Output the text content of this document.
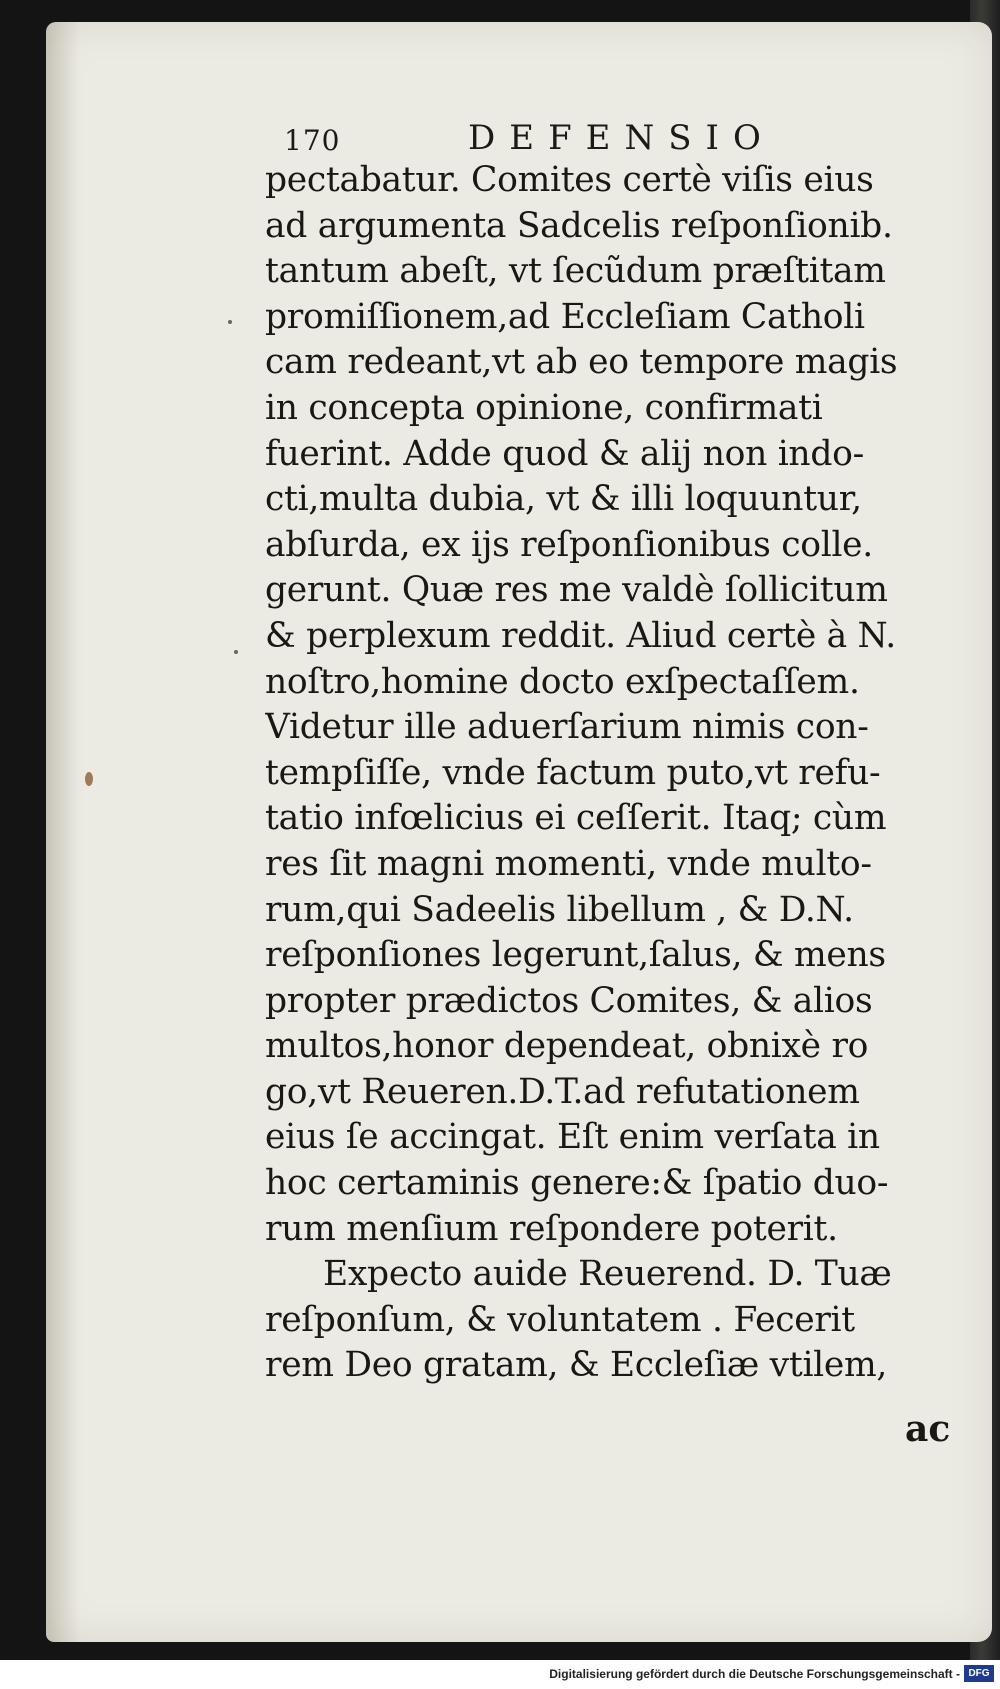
170	DEFENSIO
pectabatur. Comites certè viſis eius
ad argumenta Sadcelis reſponſionib.
tantum abeſt, vt ſecũdum præſtitam
promiſſionem,ad Eccleſiam Catholi
cam redeant,vt ab eo tempore magis
in concepta opinione, confirmati
fuerint. Adde quod & alij non indo-
cti,multa dubia, vt & illi loquuntur,
abſurda, ex ijs reſponſionibus colle.
gerunt. Quæ res me valdè ſollicitum
& perplexum reddit. Aliud certè à N.
noſtro,homine docto exſpectaſſem.
Videtur ille aduerſarium nimis con-
tempſiſſe, vnde factum puto,vt refu-
tatio infœlicius ei ceſſerit. Itaq; cùm
res ſit magni momenti, vnde multo-
rum,qui Sadeelis libellum , & D.N.
reſponſiones legerunt,ſalus, & mens
propter prædictos Comites, & alios
multos,honor dependeat, obnixè ro
go,vt Reueren.D.T.ad refutationem
eius ſe accingat. Eſt enim verſata in
hoc certaminis genere:& ſpatio duo-
rum menſium reſpondere poterit.
Expecto auide Reuerend. D. Tuæ
reſponſum, & voluntatem . Fecerit
rem Deo gratam, & Eccleſiæ vtilem,
ac
Digitalisierung gefördert durch die Deutsche Forschungsgemeinschaft - DFG
